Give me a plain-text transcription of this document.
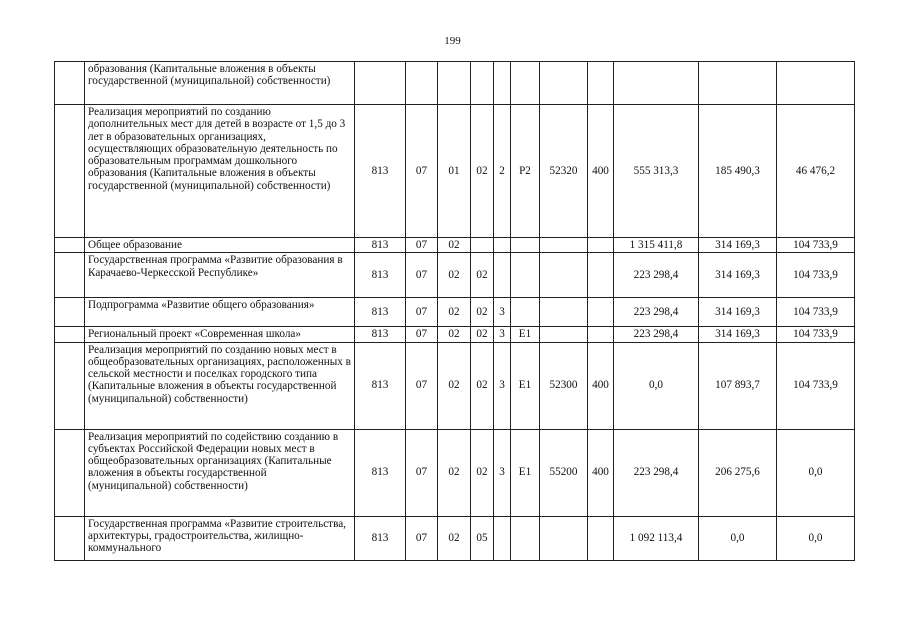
199
	образования (Капитальные вложения в объекты государственной (муниципальной) собственности)											
	Реализация мероприятий по созданию дополнительных мест для детей в возрасте от 1,5 до 3 лет в образовательных организациях, осуществляющих образовательную деятельность по образовательным программам дошкольного образования (Капитальные вложения в объекты государственной (муниципальной) собственности)	813	07	01	02	2	P2	52320	400	555 313,3	185 490,3	46 476,2
	Общее образование	813	07	02						1 315 411,8	314 169,3	104 733,9
	Государственная программа «Развитие образования в Карачаево-Черкесской Республике»	813	07	02	02					223 298,4	314 169,3	104 733,9
	Подпрограмма «Развитие общего образования»	813	07	02	02	3				223 298,4	314 169,3	104 733,9
	Региональный проект «Современная школа»	813	07	02	02	3	E1			223 298,4	314 169,3	104 733,9
	Реализация мероприятий по созданию новых мест в общеобразовательных организациях, расположенных в сельской местности и поселках городского типа (Капитальные вложения в объекты государственной (муниципальной) собственности)	813	07	02	02	3	E1	52300	400	0,0	107 893,7	104 733,9
	Реализация мероприятий по содействию созданию в субъектах Российской Федерации новых мест в общеобразовательных организациях (Капитальные вложения в объекты государственной (муниципальной) собственности)	813	07	02	02	3	E1	55200	400	223 298,4	206 275,6	0,0
	Государственная программа «Развитие строительства, архитектуры, градостроительства, жилищно-коммунального	813	07	02	05					1 092 113,4	0,0	0,0
